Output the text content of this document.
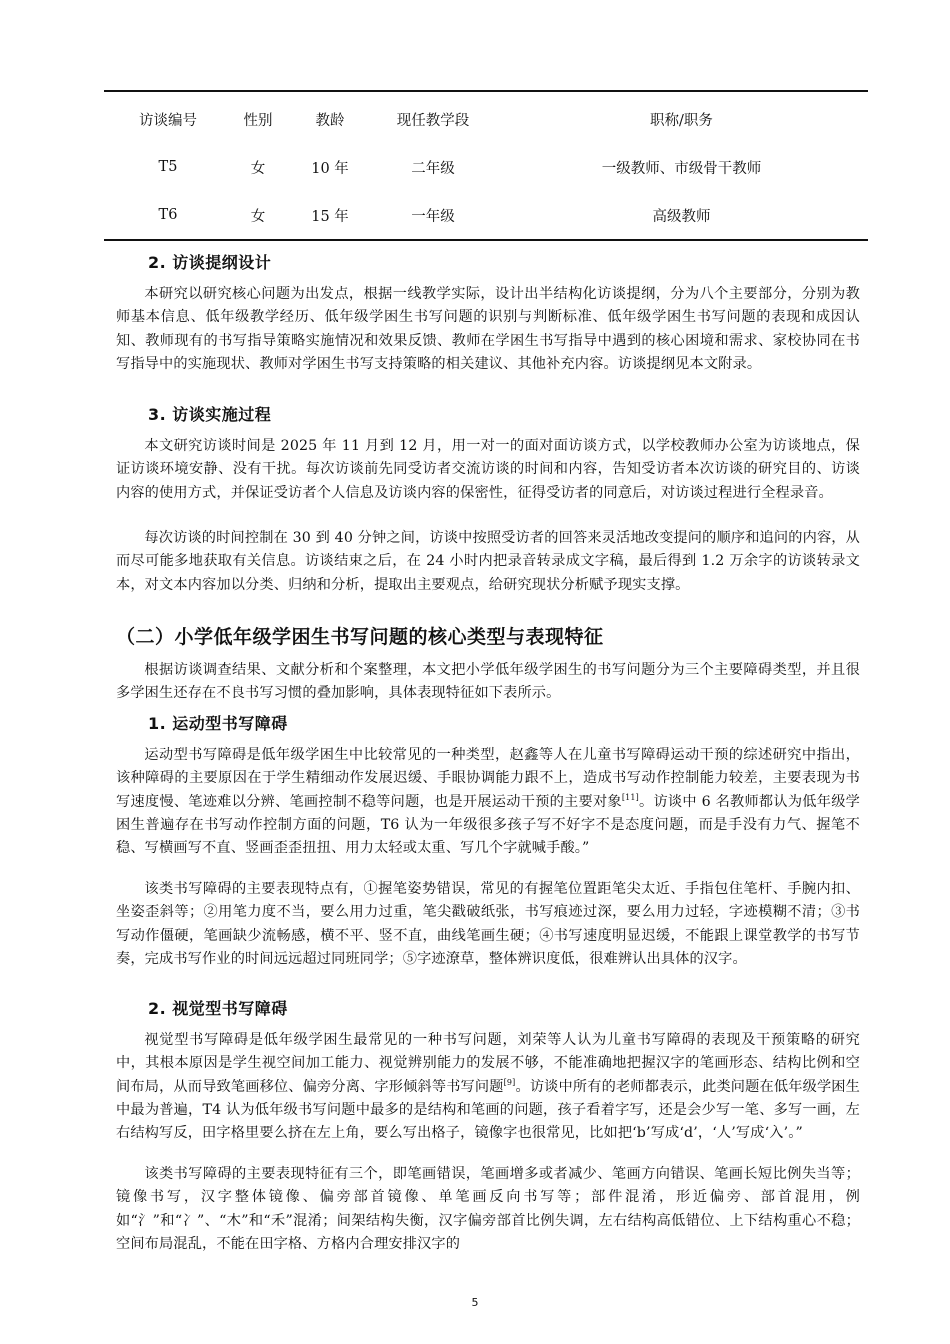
访谈编号	性别	教龄	现任教学段	职称/职务
T5	女	10 年	二年级	一级教师、市级骨干教师
T6	女	15 年	一年级	高级教师
2. 访谈提纲设计
本研究以研究核心问题为出发点，根据一线教学实际，设计出半结构化访谈提纲，分为八个主要部分，分别为教师基本信息、低年级教学经历、低年级学困生书写问题的识别与判断标准、低年级学困生书写问题的表现和成因认知、教师现有的书写指导策略实施情况和效果反馈、教师在学困生书写指导中遇到的核心困境和需求、家校协同在书写指导中的实施现状、教师对学困生书写支持策略的相关建议、其他补充内容。访谈提纲见本文附录。
3. 访谈实施过程
本文研究访谈时间是 2025 年 11 月到 12 月，用一对一的面对面访谈方式，以学校教师办公室为访谈地点，保证访谈环境安静、没有干扰。每次访谈前先同受访者交流访谈的时间和内容，告知受访者本次访谈的研究目的、访谈内容的使用方式，并保证受访者个人信息及访谈内容的保密性，征得受访者的同意后，对访谈过程进行全程录音。
每次访谈的时间控制在 30 到 40 分钟之间，访谈中按照受访者的回答来灵活地改变提问的顺序和追问的内容，从而尽可能多地获取有关信息。访谈结束之后，在 24 小时内把录音转录成文字稿，最后得到 1.2 万余字的访谈转录文本，对文本内容加以分类、归纳和分析，提取出主要观点，给研究现状分析赋予现实支撑。
（二）小学低年级学困生书写问题的核心类型与表现特征
根据访谈调查结果、文献分析和个案整理，本文把小学低年级学困生的书写问题分为三个主要障碍类型，并且很多学困生还存在不良书写习惯的叠加影响，具体表现特征如下表所示。
1. 运动型书写障碍
运动型书写障碍是低年级学困生中比较常见的一种类型，赵鑫等人在儿童书写障碍运动干预的综述研究中指出，该种障碍的主要原因在于学生精细动作发展迟缓、手眼协调能力跟不上，造成书写动作控制能力较差，主要表现为书写速度慢、笔迹难以分辨、笔画控制不稳等问题，也是开展运动干预的主要对象[11]。访谈中 6 名教师都认为低年级学困生普遍存在书写动作控制方面的问题，T6 认为一年级很多孩子写不好字不是态度问题，而是手没有力气、握笔不稳、写横画写不直、竖画歪歪扭扭、用力太轻或太重、写几个字就喊手酸。”
该类书写障碍的主要表现特点有，①握笔姿势错误，常见的有握笔位置距笔尖太近、手指包住笔杆、手腕内扣、坐姿歪斜等；②用笔力度不当，要么用力过重，笔尖戳破纸张，书写痕迹过深，要么用力过轻，字迹模糊不清；③书写动作僵硬，笔画缺少流畅感，横不平、竖不直，曲线笔画生硬；④书写速度明显迟缓，不能跟上课堂教学的书写节奏，完成书写作业的时间远远超过同班同学；⑤字迹潦草，整体辨识度低，很难辨认出具体的汉字。
2. 视觉型书写障碍
视觉型书写障碍是低年级学困生最常见的一种书写问题，刘荣等人认为儿童书写障碍的表现及干预策略的研究中，其根本原因是学生视空间加工能力、视觉辨别能力的发展不够，不能准确地把握汉字的笔画形态、结构比例和空间布局，从而导致笔画移位、偏旁分离、字形倾斜等书写问题[9]。访谈中所有的老师都表示，此类问题在低年级学困生中最为普遍，T4 认为低年级书写问题中最多的是结构和笔画的问题，孩子看着字写，还是会少写一笔、多写一画，左右结构写反，田字格里要么挤在左上角，要么写出格子，镜像字也很常见，比如把‘b’写成‘d’，‘人’写成‘入’。”
该类书写障碍的主要表现特征有三个，即笔画错误，笔画增多或者减少、笔画方向错误、笔画长短比例失当等；镜像书写，汉字整体镜像、偏旁部首镜像、单笔画反向书写等；部件混淆，形近偏旁、部首混用，例如“氵”和“冫”、“木”和“禾”混淆；间架结构失衡，汉字偏旁部首比例失调，左右结构高低错位、上下结构重心不稳；空间布局混乱，不能在田字格、方格内合理安排汉字的
5
